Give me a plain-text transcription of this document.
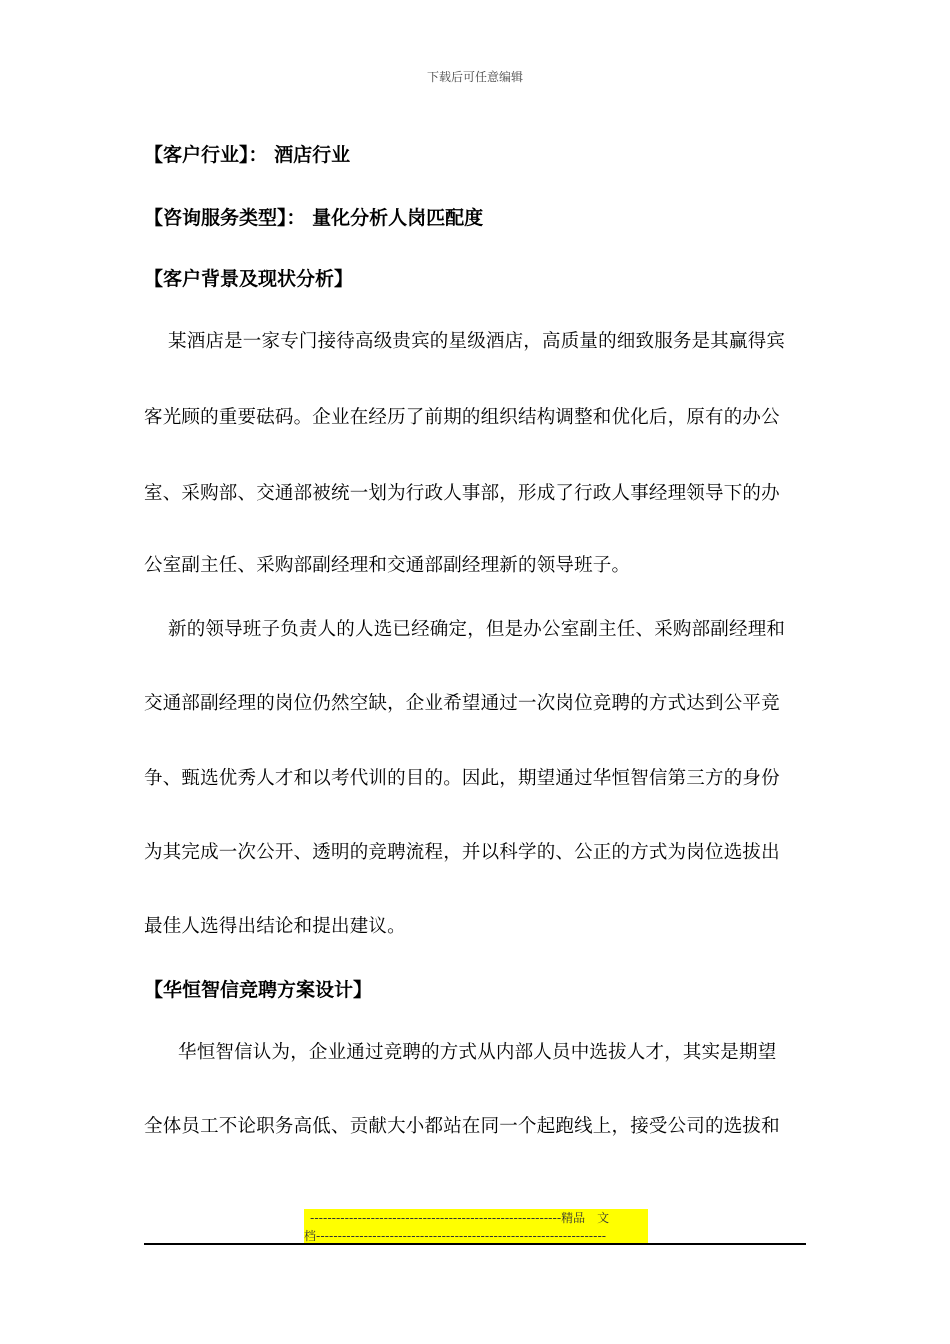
下载后可任意编辑
【客户行业】： 酒店行业
【咨询服务类型】： 量化分析人岗匹配度
【客户背景及现状分析】
某酒店是一家专门接待高级贵宾的星级酒店，高质量的细致服务是其赢得宾
客光顾的重要砝码。企业在经历了前期的组织结构调整和优化后，原有的办公
室、采购部、交通部被统一划为行政人事部，形成了行政人事经理领导下的办
公室副主任、采购部副经理和交通部副经理新的领导班子。
新的领导班子负责人的人选已经确定，但是办公室副主任、采购部副经理和
交通部副经理的岗位仍然空缺，企业希望通过一次岗位竞聘的方式达到公平竞
争、甄选优秀人才和以考代训的目的。因此，期望通过华恒智信第三方的身份
为其完成一次公开、透明的竞聘流程，并以科学的、公正的方式为岗位选拔出
最佳人选得出结论和提出建议。
【华恒智信竞聘方案设计】
华恒智信认为，企业通过竞聘的方式从内部人员中选拔人才，其实是期望
全体员工不论职务高低、贡献大小都站在同一个起跑线上，接受公司的选拔和
----------------------------------------------------------精品　文
档-------------------------------------------------------------------
